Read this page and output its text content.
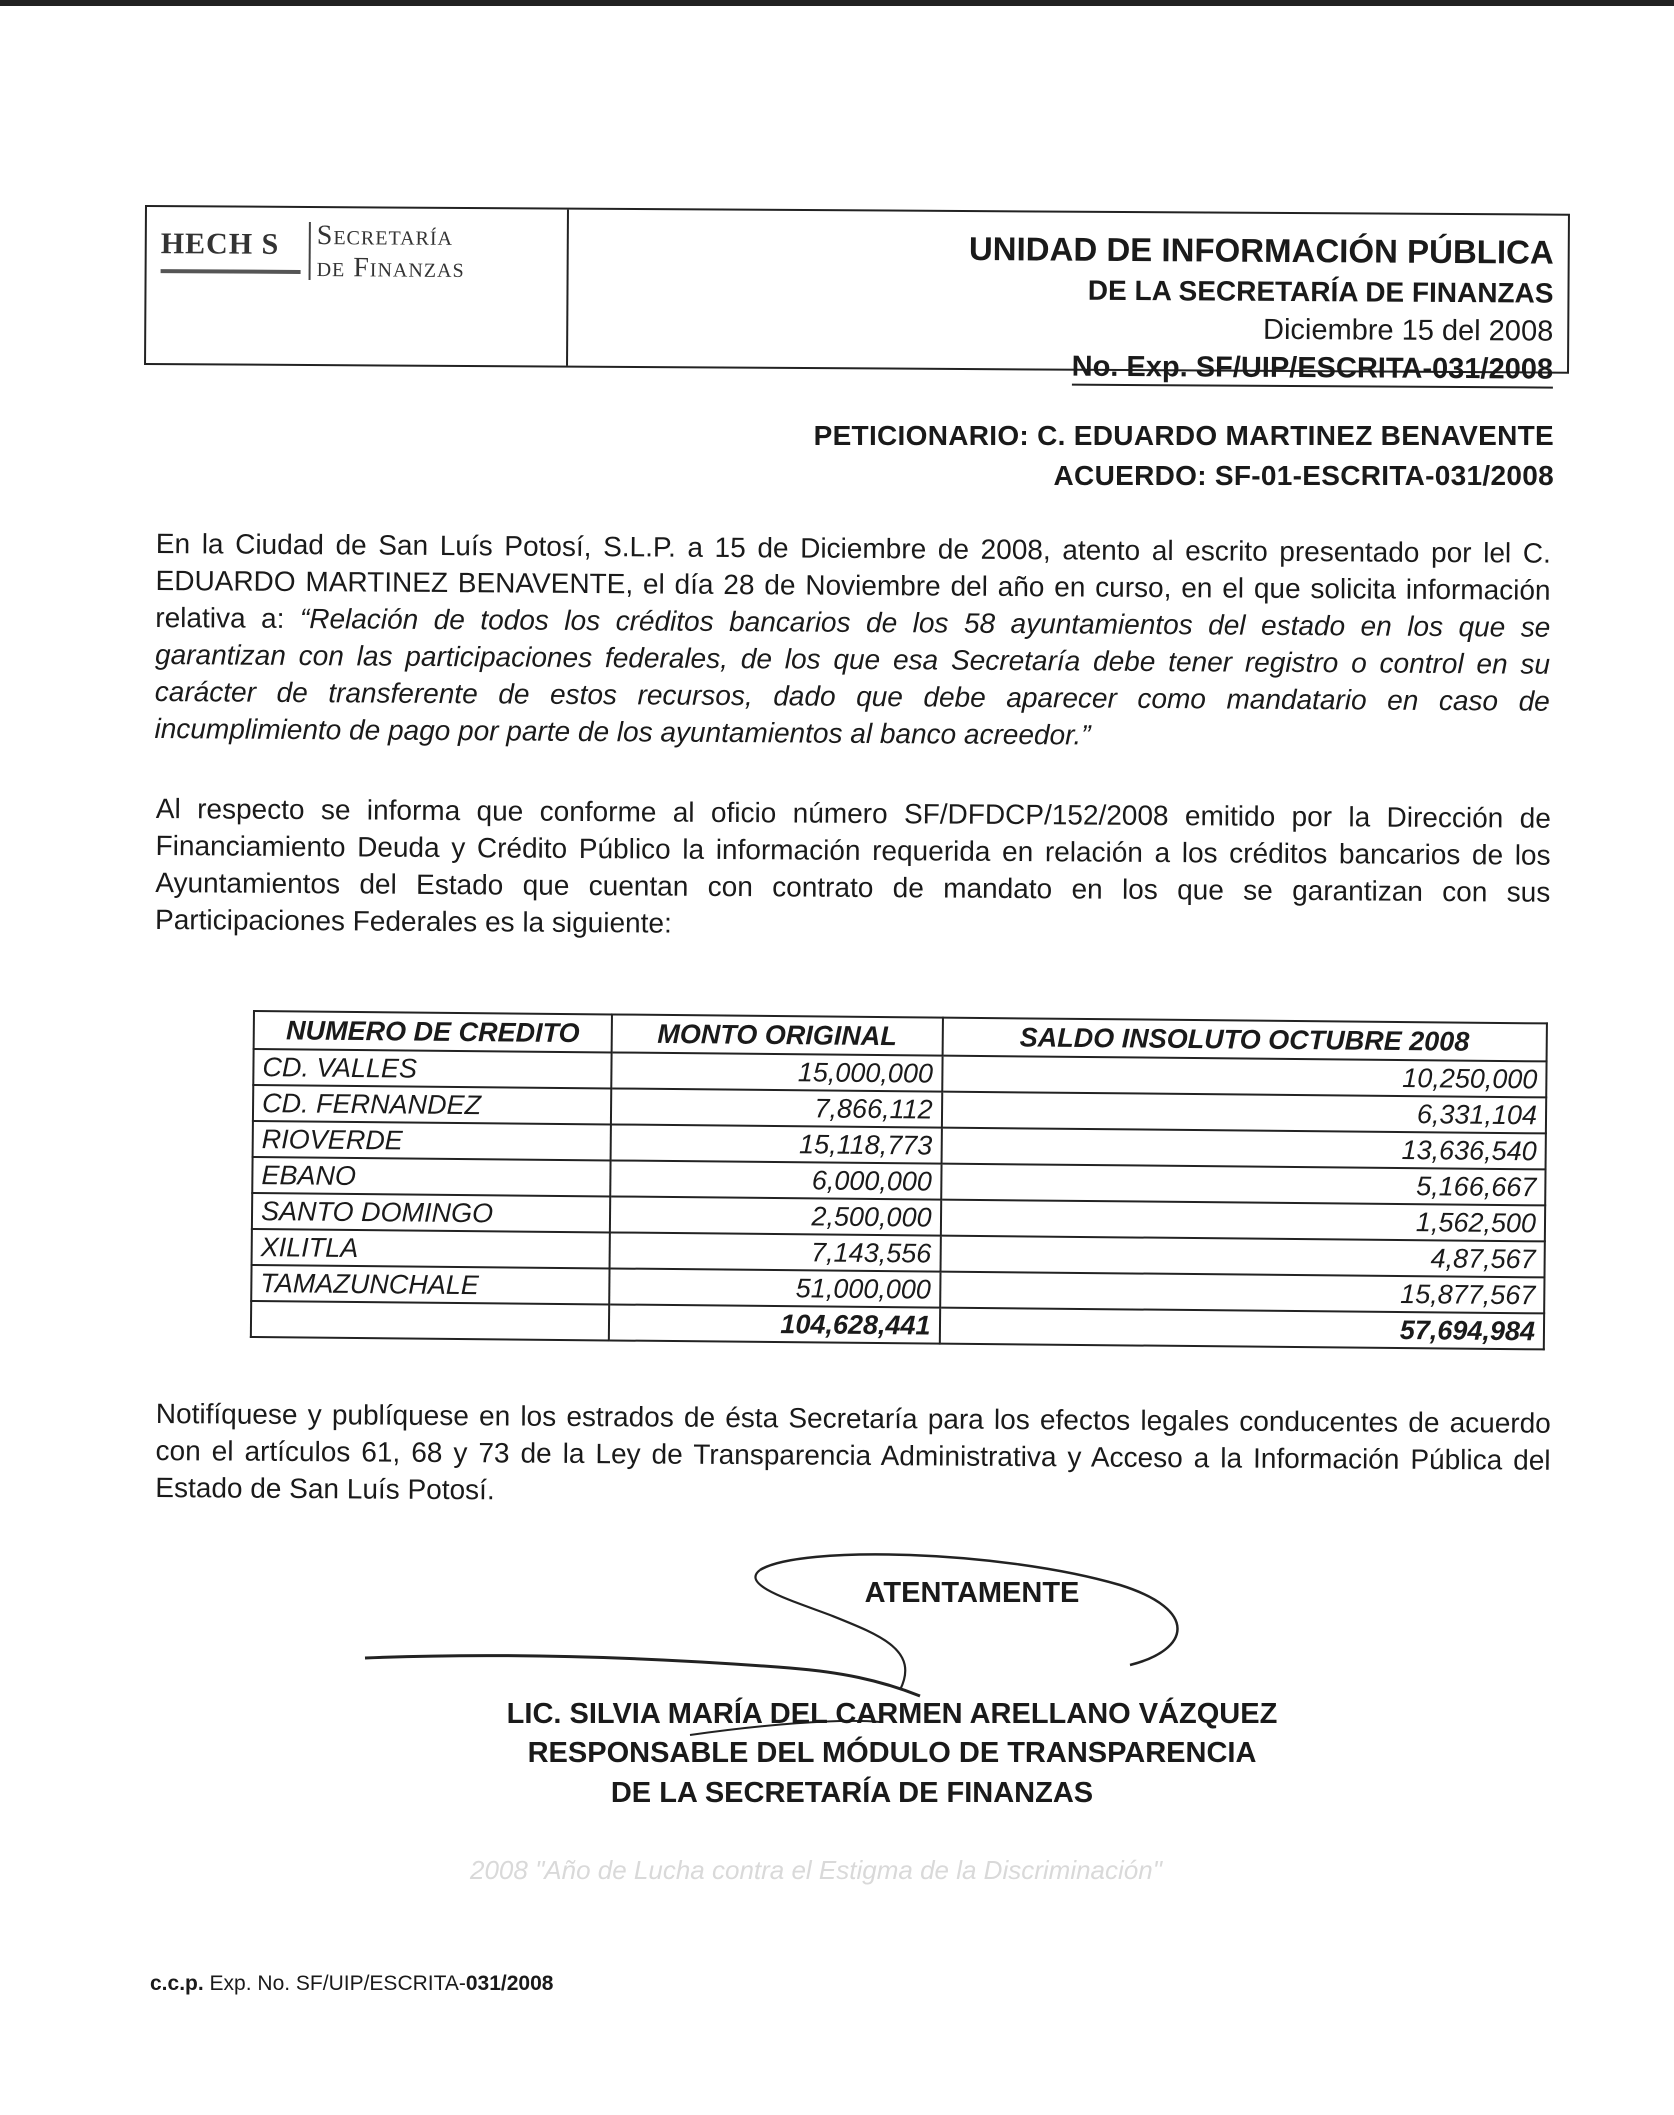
HECH S Secretaría
de Finanzas	UNIDAD DE INFORMACIÓN PÚBLICA
DE LA SECRETARÍA DE FINANZAS
Diciembre 15 del 2008
No. Exp. SF/UIP/ESCRITA-031/2008
PETICIONARIO: C. EDUARDO MARTINEZ BENAVENTE
ACUERDO: SF-01-ESCRITA-031/2008
En la Ciudad de San Luís Potosí, S.L.P. a 15 de Diciembre de 2008, atento al escrito presentado por lel C. EDUARDO MARTINEZ BENAVENTE, el día 28 de Noviembre del año en curso, en el que solicita información relativa a: “Relación de todos los créditos bancarios de los 58 ayuntamientos del estado en los que se garantizan con las participaciones federales, de los que esa Secretaría debe tener registro o control en su carácter de transferente de estos recursos, dado que debe aparecer como mandatario en caso de incumplimiento de pago por parte de los ayuntamientos al banco acreedor.”
Al respecto se informa que conforme al oficio número SF/DFDCP/152/2008 emitido por la Dirección de Financiamiento Deuda y Crédito Público la información requerida en relación a los créditos bancarios de los Ayuntamientos del Estado que cuentan con contrato de mandato en los que se garantizan con sus Participaciones Federales es la siguiente:
NUMERO DE CREDITO	MONTO ORIGINAL	SALDO INSOLUTO OCTUBRE 2008
CD. VALLES	15,000,000	10,250,000
CD. FERNANDEZ	7,866,112	6,331,104
RIOVERDE	15,118,773	13,636,540
EBANO	6,000,000	5,166,667
SANTO DOMINGO	2,500,000	1,562,500
XILITLA	7,143,556	4,87,567
TAMAZUNCHALE	51,000,000	15,877,567
	104,628,441	57,694,984
Notifíquese y publíquese en los estrados de ésta Secretaría para los efectos legales conducentes de acuerdo con el artículos 61, 68 y 73 de la Ley de Transparencia Administrativa y Acceso a la Información Pública del Estado de San Luís Potosí.
ATENTAMENTE
LIC. SILVIA MARÍA DEL CARMEN ARELLANO VÁZQUEZ
RESPONSABLE DEL MÓDULO DE TRANSPARENCIA
DE LA SECRETARÍA DE FINANZAS
2008 "Año de Lucha contra el Estigma de la Discriminación"
c.c.p. Exp. No. SF/UIP/ESCRITA-031/2008
